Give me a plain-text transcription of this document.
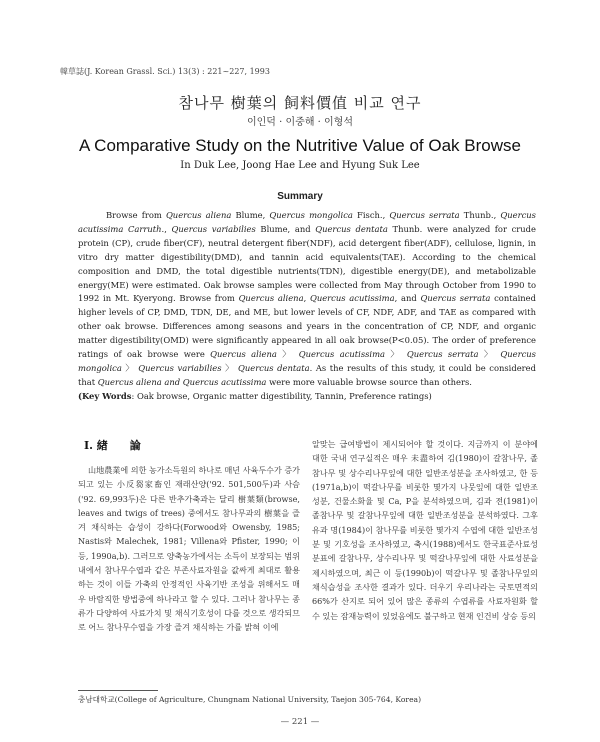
韓草誌(J. Korean Grassl. Sci.) 13(3) : 221~227, 1993
참나무 樹葉의 飼料價值 비교 연구
이인덕 · 이중해 · 이형석
A Comparative Study on the Nutritive Value of Oak Browse
In Duk Lee, Joong Hae Lee and Hyung Suk Lee
Summary

Browse from Quercus aliena Blume, Quercus mongolica Fisch., Quercus serrata Thunb., Quercus acutissima Carruth., Quercus variabilies Blume, and Quercus dentata Thunb. were analyzed for crude protein (CP), crude fiber(CF), neutral detergent fiber(NDF), acid detergent fiber(ADF), cellulose, lignin, in vitro dry matter digestibility(DMD), and tannin acid equivalents(TAE). According to the chemical composition and DMD, the total digestible nutrients(TDN), digestible energy(DE), and metabolizable energy(ME) were estimated. Oak browse samples were collected from May through October from 1990 to 1992 in Mt. Kyeryong. Browse from Quercus aliena, Quercus acutissima, and Quercus serrata contained higher levels of CP, DMD, TDN, DE, and ME, but lower levels of CF, NDF, ADF, and TAE as compared with other oak browse. Differences among seasons and years in the concentration of CP, NDF, and organic matter digestibility(OMD) were significantly appeared in all oak browse(P<0.05). The order of preference ratings of oak browse were Quercus aliena 〉 Quercus acutissima 〉 Quercus serrata 〉 Quercus mongolica 〉 Quercus variabilies 〉 Quercus dentata. As the results of this study, it could be considered that Quercus aliena and Quercus acutissima were more valuable browse source than others.

(Key Words: Oak browse, Organic matter digestibility, Tannin, Preference ratings)

Ⅰ. 緖　　論

山地農業에 의한 농가소득원의 하나로 매년 사육두수가 증가되고 있는 小反芻家畜인 재래산양('92. 501,500두)과 사슴('92. 69,993두)은 다른 반추가축과는 달리 樹葉類(browse, leaves and twigs of trees) 중에서도 참나무과의 樹葉을 즐겨 채식하는 습성이 강하다(Forwood와 Owensby, 1985; Nastis와 Malechek, 1981; Villena와 Pfister, 1990; 이 등, 1990a,b). 그러므로 양축농가에서는 소득이 보장되는 범위내에서 참나무수엽과 같은 부존사료자원을 값싸게 최대로 활용하는 것이 이들 가축의 안정적인 사육기반 조성을 위해서도 매우 바람직한 방법중에 하나라고 할 수 있다. 그러나 참나무는 종류가 다양하여 사료가치 및 채식기호성이 다를 것으로 생각되므로 어느 참나무수엽을 가장 즐겨 채식하는 가를 밝혀 이에

알맞는 급여방법이 제시되어야 할 것이다. 지금까지 이 분야에 대한 국내 연구실적은 매우 未盡하여 김(1980)이 갈참나무, 졸참나무 및 상수리나무잎에 대한 일반조성분을 조사하였고, 한 등(1971a,b)이 떡갈나무를 비롯한 몇가지 나뭇잎에 대한 일반조성분, 건물소화율 및 Ca, P을 분석하였으며, 김과 전(1981)이 졸참나무 및 갈참나무잎에 대한 일반조성분을 분석하였다. 그후 유과 명(1984)이 참나무를 비롯한 몇가지 수엽에 대한 일반조성분 및 기호성을 조사하였고, 축시(1988)에서도 한국표준사료성분표에 갈참나무, 상수리나무 및 떡갈나무잎에 대한 사료성분을 제시하였으며, 최근 이 등(1990b)이 떡갈나무 및 졸참나무잎의 채식습성을 조사한 결과가 있다. 더우기 우리나라는 국토면적의 66%가 산지로 되어 있어 많은 종류의 수엽류를 사료자원화 할 수 있는 잠재능력이 있었음에도 불구하고 현재 인건비 상승 등의

충남대학교(College of Agriculture, Chungnam National University, Taejon 305-764, Korea)
— 221 —
